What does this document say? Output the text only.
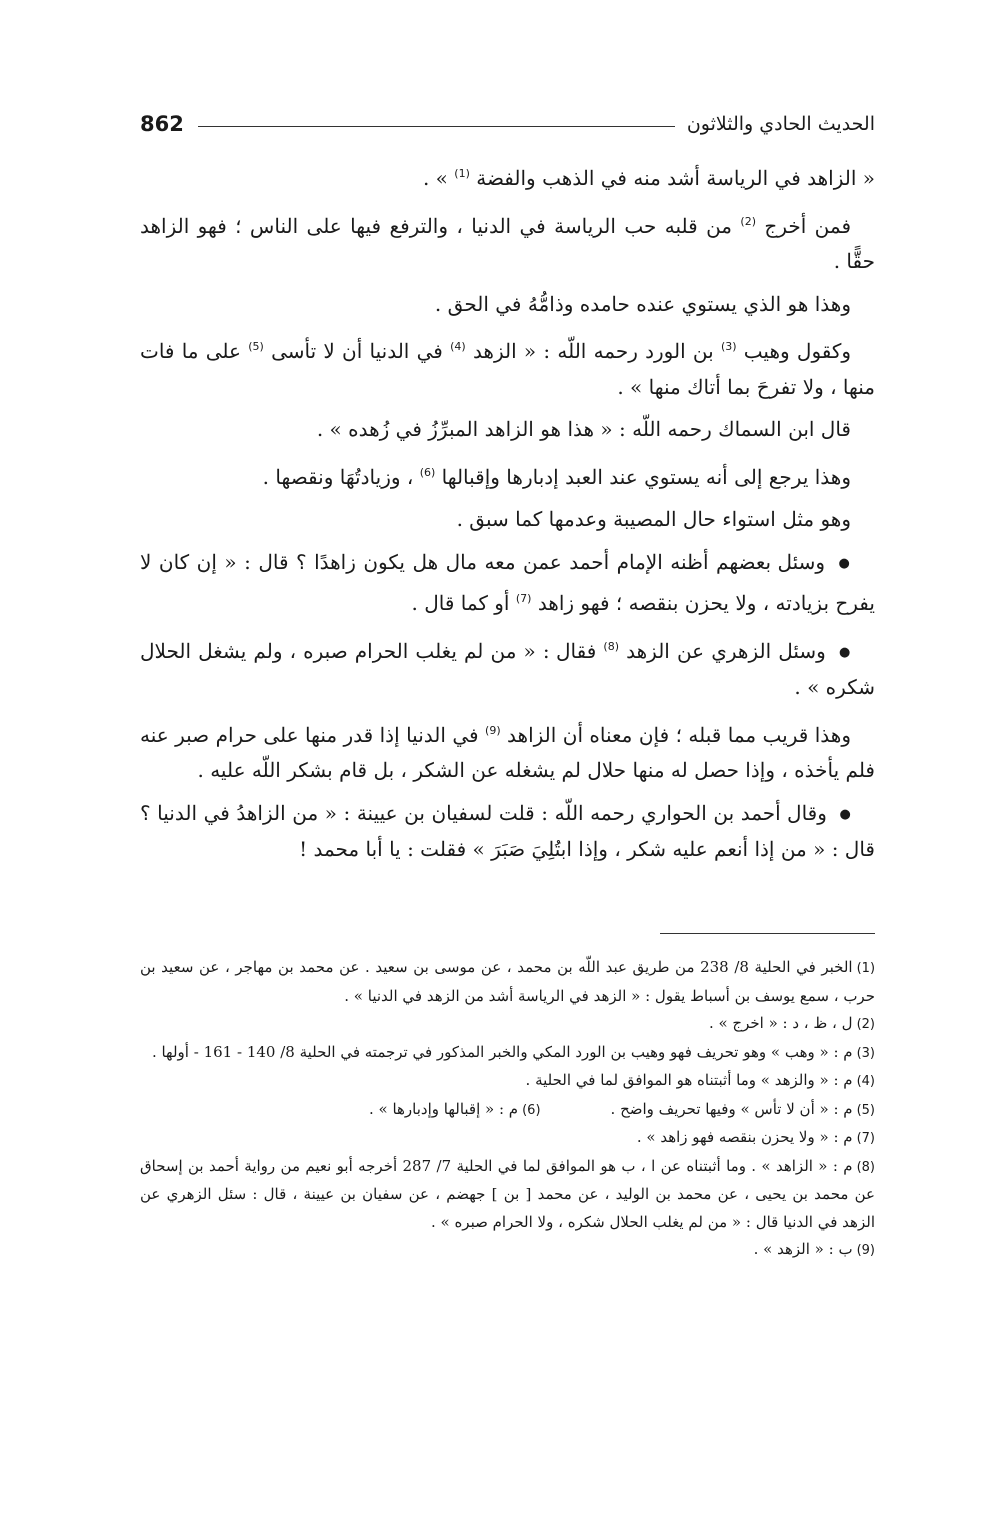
862	الحديث الحادي والثلاثون

« الزاهد في الرياسة أشد منه في الذهب والفضة $^{(1)}$ » .

فمن أخرج $^{(2)}$ من قلبه حب الرياسة في الدنيا ، والترفع فيها على الناس ؛ فهو الزاهد حقًّا .

وهذا هو الذي يستوي عنده حامده وذامُّهُ في الحق .

وكقول وهيب $^{(3)}$ بن الورد رحمه اللّه : « الزهد $^{(4)}$ في الدنيا أن لا تأسى $^{(5)}$ على ما فات منها ، ولا تفرحَ بما أتاك منها » .

قال ابن السماك رحمه اللّه : « هذا هو الزاهد المبرِّزُ في زُهده » .

وهذا يرجع إلى أنه يستوي عند العبد إدبارها وإقبالها $^{(6)}$ ، وزيادتُهَا ونقصها .

وهو مثل استواء حال المصيبة وعدمها كما سبق .

● وسئل بعضهم أظنه الإمام أحمد عمن معه مال هل يكون زاهدًا ؟ قال : « إن كان لا يفرح بزيادته ، ولا يحزن بنقصه ؛ فهو زاهد $^{(7)}$ أو كما قال .

● وسئل الزهري عن الزهد $^{(8)}$ فقال : « من لم يغلب الحرام صبره ، ولم يشغل الحلال شكره » .

وهذا قريب مما قبله ؛ فإن معناه أن الزاهد $^{(9)}$ في الدنيا إذا قدر منها على حرام صبر عنه فلم يأخذه ، وإذا حصل له منها حلال لم يشغله عن الشكر ، بل قام بشكر اللّه عليه .

● وقال أحمد بن الحواري رحمه اللّه : قلت لسفيان بن عيينة : « من الزاهدُ في الدنيا ؟ قال : « من إذا أنعم عليه شكر ، وإذا ابتُلِيَ صَبَرَ » فقلت : يا أبا محمد !

(1)الخبر في الحلية 8/ 238 من طريق عبد اللّه بن محمد ، عن موسى بن سعيد . عن محمد بن مهاجر ، عن سعيد بن حرب ، سمع يوسف بن أسباط يقول : « الزهد في الرياسة أشد من الزهد في الدنيا » .

(2)ل ، ظ ، د : « اخرج » .

(3)م : « وهب » وهو تحريف فهو وهيب بن الورد المكي والخبر المذكور في ترجمته في الحلية 8/ 140 - 161 - أولها .

(4)م : « والزهد » وما أثبتناه هو الموافق لما في الحلية .

(5)م : « أن لا تأس » وفيها تحريف واضح .

(6)م : « إقبالها وإدبارها » .

(7)م : « ولا يحزن بنقصه فهو زاهد » .

(8)م : « الزاهد » . وما أثبتناه عن ا ، ب هو الموافق لما في الحلية 7/ 287 أخرجه أبو نعيم من رواية أحمد بن إسحاق عن محمد بن يحيى ، عن محمد بن الوليد ، عن محمد [ بن ] جهضم ، عن سفيان بن عيينة ، قال : سئل الزهري عن الزهد في الدنيا قال : « من لم يغلب الحلال شكره ، ولا الحرام صبره » .

(9)ب : « الزهد » .
